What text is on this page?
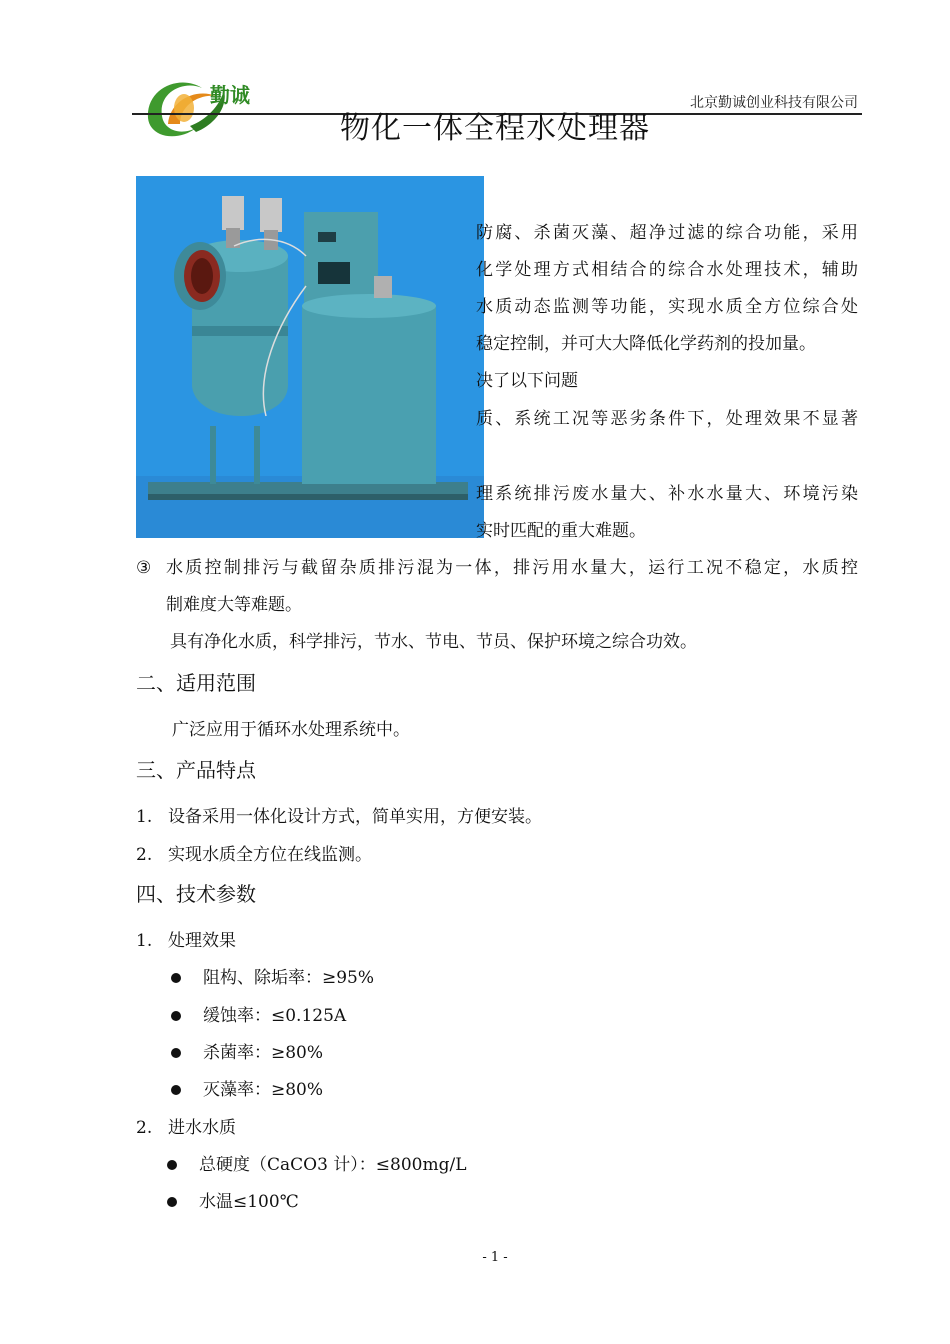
勤诚	北京勤诚创业科技有限公司
物化一体全程水处理器
防腐、杀菌灭藻、超净过滤的综合功能，采用
化学处理方式相结合的综合水处理技术，辅助
水质动态监测等功能，实现水质全方位综合处
稳定控制，并可大大降低化学药剂的投加量。
决了以下问题
质、系统工况等恶劣条件下，处理效果不显著
理系统排污废水量大、补水水量大、环境污染
实时匹配的重大难题。
③ 水质控制排污与截留杂质排污混为一体，排污用水量大，运行工况不稳定，水质控
制难度大等难题。
具有净化水质，科学排污，节水、节电、节员、保护环境之综合功效。
二、适用范围
广泛应用于循环水处理系统中。
三、产品特点
1. 设备采用一体化设计方式，简单实用，方便安装。
2. 实现水质全方位在线监测。
四、技术参数
1. 处理效果
阻构、除垢率：≥95%
缓蚀率：≤0.125A
杀菌率：≥80%
灭藻率：≥80%
2. 进水水质
总硬度（CaCO3 计）：≤800mg/L
水温≤100℃
- 1 -
